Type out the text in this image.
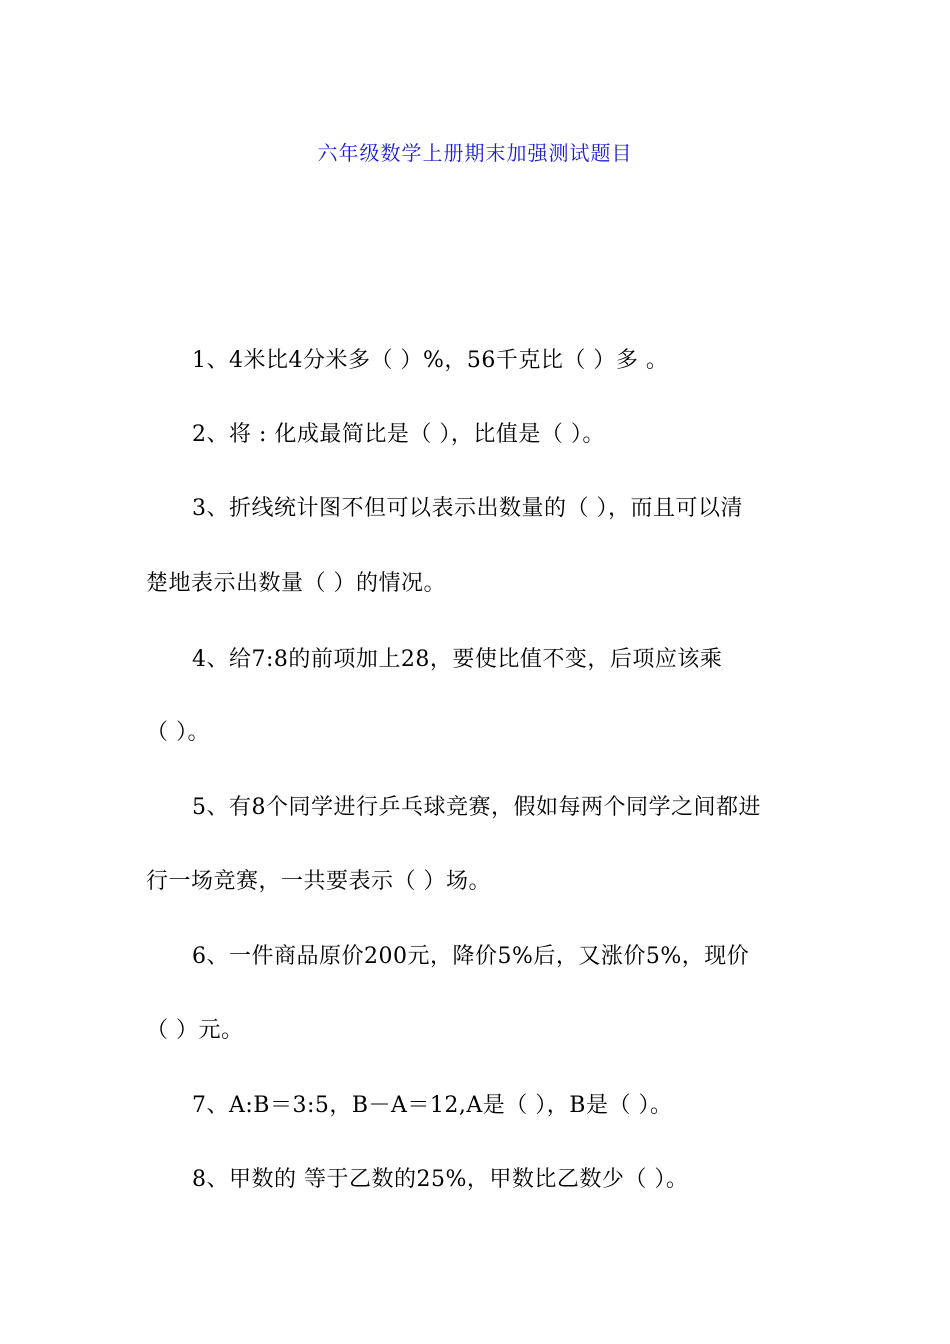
六年级数学上册期末加强测试题目
1、4米比4分米多（ ）%，56千克比（ ）多 。
2、将 : 化成最简比是（ ），比值是（ ）。
3、折线统计图不但可以表示出数量的（ ），而且可以清
楚地表示出数量（ ）的情况。
4、给7:8的前项加上28，要使比值不变，后项应该乘
（ ）。
5、有8个同学进行乒乓球竞赛，假如每两个同学之间都进
行一场竞赛，一共要表示（ ）场。
6、一件商品原价200元，降价5%后，又涨价5%，现价
（ ）元。
7、A:B＝3:5，B－A＝12,A是（ ），B是（ ）。
8、甲数的 等于乙数的25%，甲数比乙数少（ ）。
